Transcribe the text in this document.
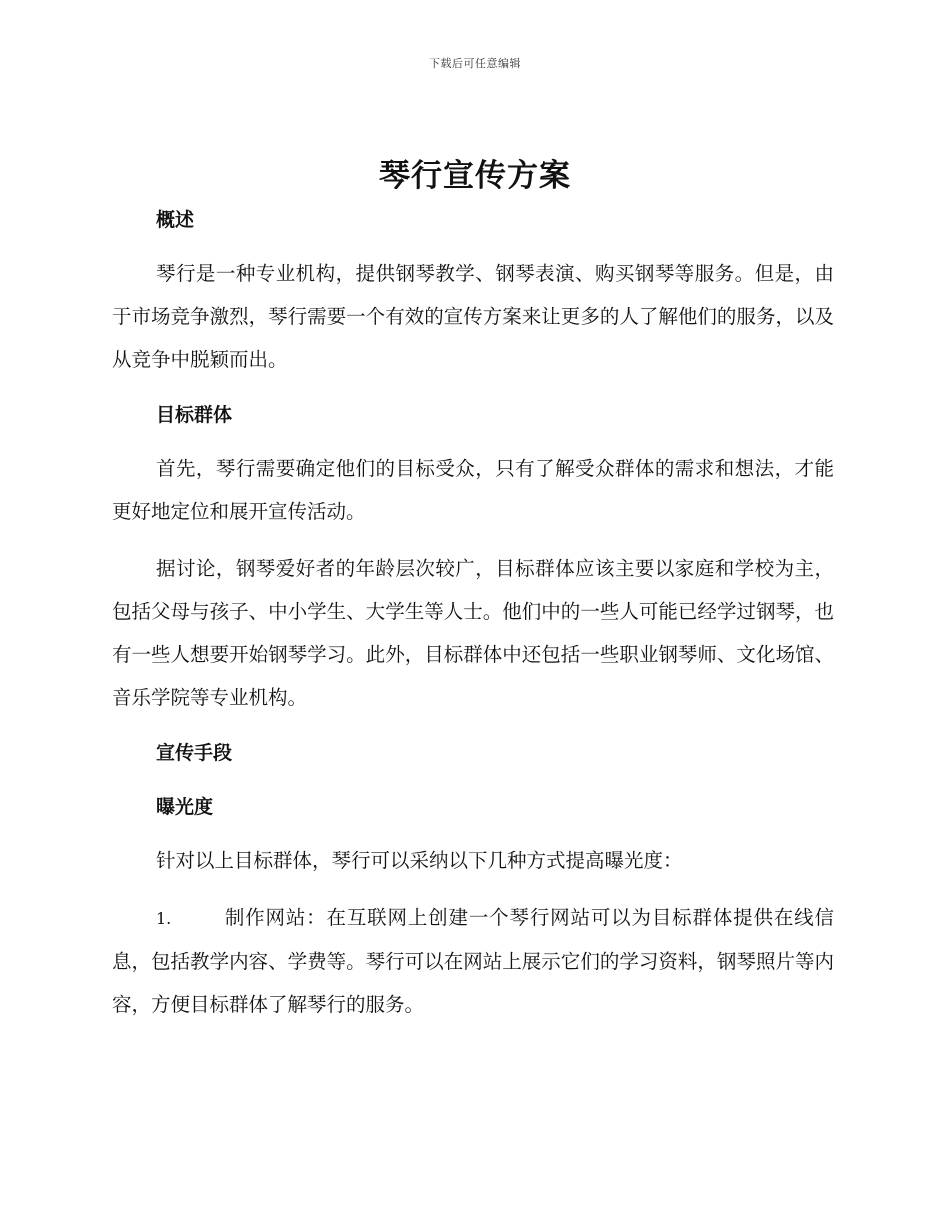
下载后可任意编辑
琴行宣传方案
概述

琴行是一种专业机构，提供钢琴教学、钢琴表演、购买钢琴等服务。但是，由于市场竞争激烈，琴行需要一个有效的宣传方案来让更多的人了解他们的服务，以及从竞争中脱颖而出。

目标群体

首先，琴行需要确定他们的目标受众，只有了解受众群体的需求和想法，才能更好地定位和展开宣传活动。

据讨论，钢琴爱好者的年龄层次较广，目标群体应该主要以家庭和学校为主，包括父母与孩子、中小学生、大学生等人士。他们中的一些人可能已经学过钢琴，也有一些人想要开始钢琴学习。此外，目标群体中还包括一些职业钢琴师、文化场馆、音乐学院等专业机构。

宣传手段
曝光度

针对以上目标群体，琴行可以采纳以下几种方式提高曝光度：

1.	制作网站：在互联网上创建一个琴行网站可以为目标群体提供在线信息，包括教学内容、学费等。琴行可以在网站上展示它们的学习资料，钢琴照片等内容，方便目标群体了解琴行的服务。
